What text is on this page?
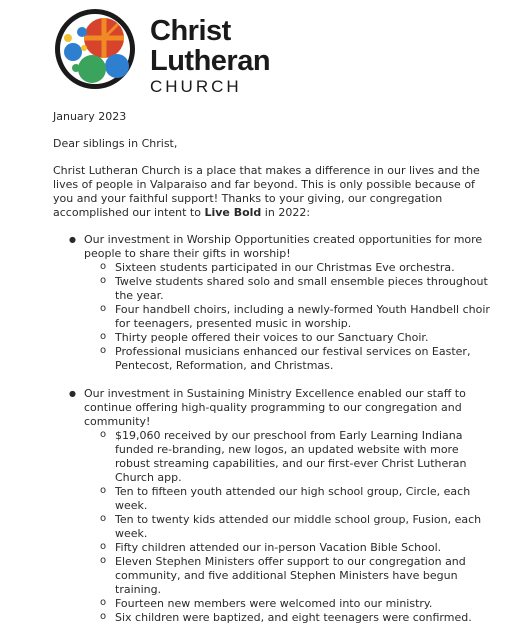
Christ
Lutheran
CHURCH

January 2023

Dear siblings in Christ,

Christ Lutheran Church is a place that makes a difference in our lives and the lives of people in Valparaiso and far beyond. This is only possible because of you and your faithful support! Thanks to your giving, our congregation accomplished our intent to Live Bold in 2022:

● Our investment in Worship Opportunities created opportunities for more people to share their gifts in worship!
o Sixteen students participated in our Christmas Eve orchestra.
o Twelve students shared solo and small ensemble pieces throughout the year.
o Four handbell choirs, including a newly-formed Youth Handbell choir for teenagers, presented music in worship.
o Thirty people offered their voices to our Sanctuary Choir.
o Professional musicians enhanced our festival services on Easter, Pentecost, Reformation, and Christmas.
● Our investment in Sustaining Ministry Excellence enabled our staff to continue offering high-quality programming to our congregation and community!
o $19,060 received by our preschool from Early Learning Indiana funded re-branding, new logos, an updated website with more robust streaming capabilities, and our first-ever Christ Lutheran Church app.
o Ten to fifteen youth attended our high school group, Circle, each week.
o Ten to twenty kids attended our middle school group, Fusion, each week.
o Fifty children attended our in-person Vacation Bible School.
o Eleven Stephen Ministers offer support to our congregation and community, and five additional Stephen Ministers have begun training.
o Fourteen new members were welcomed into our ministry.
o Six children were baptized, and eight teenagers were confirmed.
